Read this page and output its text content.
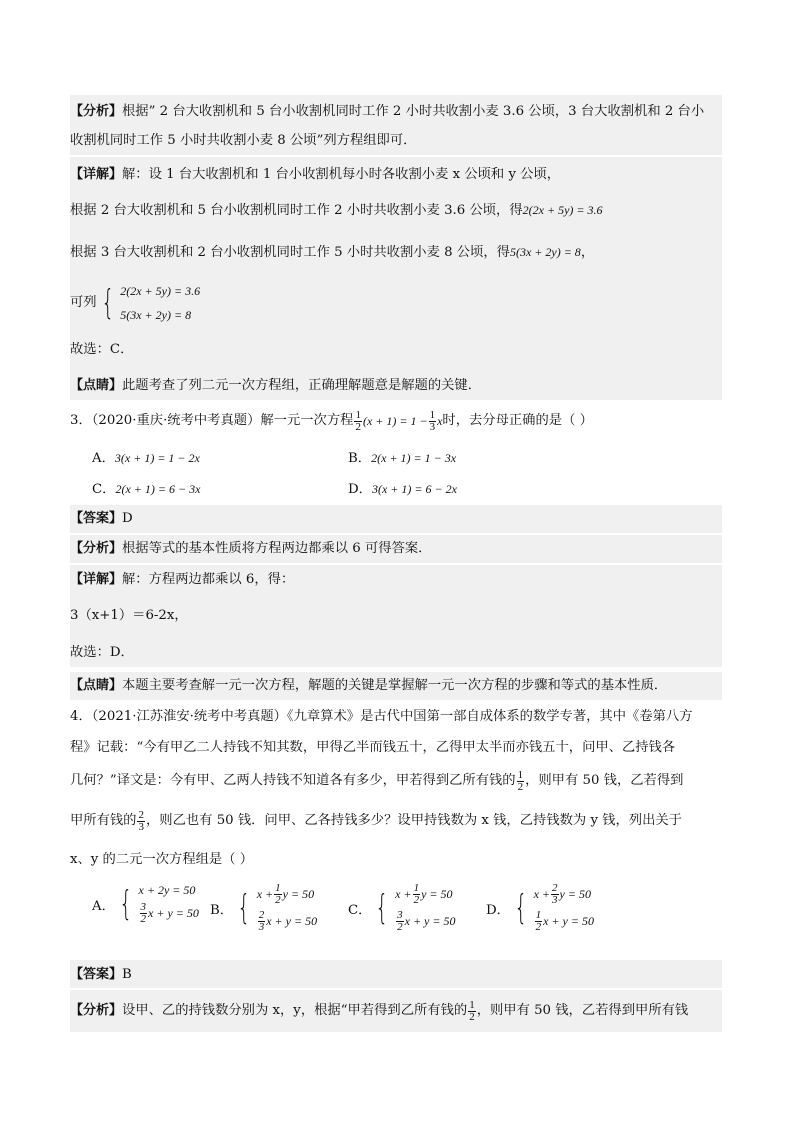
【分析】根据” 2 台大收割机和 5 台小收割机同时工作 2 小时共收割小麦 3.6 公顷，3 台大收割机和 2 台小
收割机同时工作 5 小时共收割小麦 8 公顷”列方程组即可．
【详解】解：设 1 台大收割机和 1 台小收割机每小时各收割小麦 x 公顷和 y 公顷，
根据 2 台大收割机和 5 台小收割机同时工作 2 小时共收割小麦 3.6 公顷，得2(2x + 5y) = 3.6
根据 3 台大收割机和 2 台小收割机同时工作 5 小时共收割小麦 8 公顷，得5(3x + 2y) = 8，
可列 { 2(2x + 5y) = 3.6
5(3x + 2y) = 8
故选：C．
【点睛】此题考查了列二元一次方程组，正确理解题意是解题的关键．
3．（2020·重庆·统考中考真题）解一元一次方程 $\frac{1}{2} (x + 1) = 1 - \frac{1}{3}$ x 时，去分母正确的是（ ）
A．3(x + 1) = 1 − 2x	B．2(x + 1) = 1 − 3x
C．2(x + 1) = 6 − 3x	D．3(x + 1) = 6 − 2x
【答案】D
【分析】根据等式的基本性质将方程两边都乘以 6 可得答案．
【详解】解：方程两边都乘以 6，得：
3（x+1）＝6-2x，
故选：D．
【点睛】本题主要考查解一元一次方程，解题的关键是掌握解一元一次方程的步骤和等式的基本性质．
4．（2021·江苏淮安·统考中考真题）《九章算术》是古代中国第一部自成体系的数学专著，其中《卷第八方
程》记载：“今有甲乙二人持钱不知其数，甲得乙半而钱五十，乙得甲太半而亦钱五十，问甲、乙持钱各
几何？”译文是：今有甲、乙两人持钱不知道各有多少，甲若得到乙所有钱的 $\frac{1}{2}$ ，则甲有 50 钱，乙若得到
甲所有钱的 $\frac{2}{3}$ ，则乙也有 50 钱．问甲、乙各持钱多少？设甲持钱数为 x 钱，乙持钱数为 y 钱，列出关于
x、y 的二元一次方程组是（ ）
A． { x + 2y = 50
$\frac{3}{2}$ x + y = 50 B． { $x + \frac{1}{2}$ y = 50
$\frac{2}{3}$ x + y = 50
C． { $x + \frac{1}{2}$ y = 50
$\frac{3}{2}$ x + y = 50
D． { $x + \frac{2}{3}$ y = 50
$\frac{1}{2}$ x + y = 50
【答案】B
【分析】 设甲、乙的持钱数分别为 x，y，根据“甲若得到乙所有钱的 $\frac{1}{2}$ ，则甲有 50 钱，乙若得到甲所有钱
